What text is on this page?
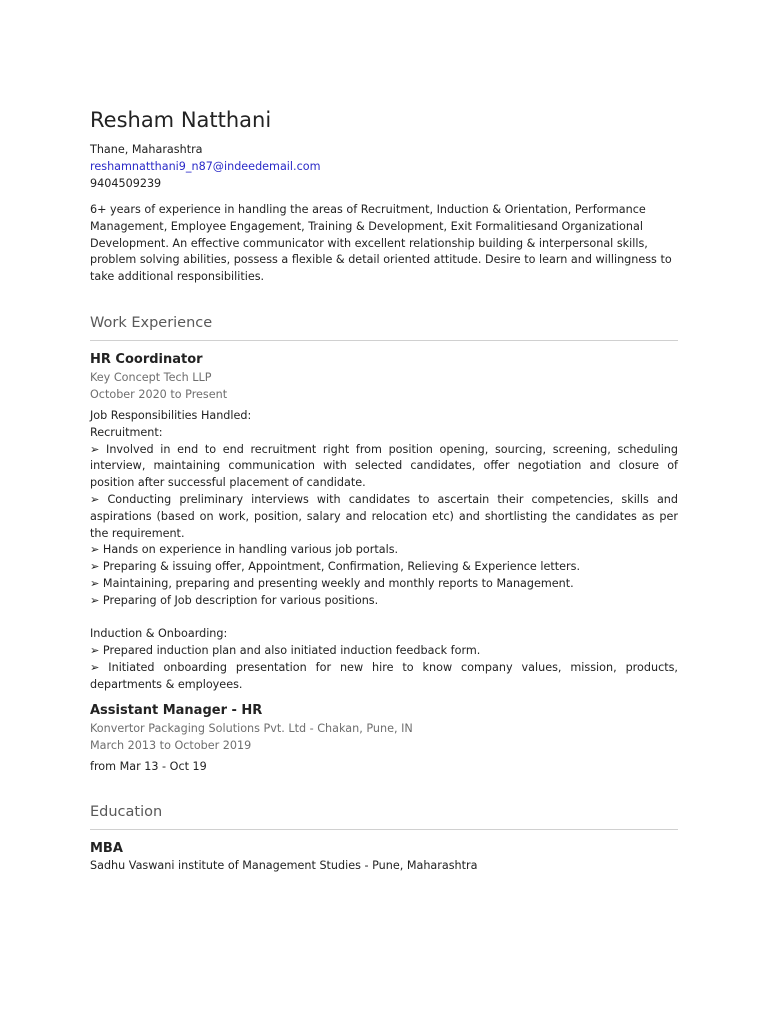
Resham Natthani
Thane, Maharashtra
reshamnatthani9_n87@indeedemail.com
9404509239
6+ years of experience in handling the areas of Recruitment, Induction & Orientation, Performance Management, Employee Engagement, Training & Development, Exit Formalitiesand Organizational Development. An effective communicator with excellent relationship building & interpersonal skills, problem solving abilities, possess a flexible & detail oriented attitude. Desire to learn and willingness to take additional responsibilities.
Work Experience
HR Coordinator
Key Concept Tech LLP
October 2020 to Present
Job Responsibilities Handled:
Recruitment:
➢ Involved in end to end recruitment right from position opening, sourcing, screening, scheduling interview, maintaining communication with selected candidates, offer negotiation and closure of position after successful placement of candidate.
➢ Conducting preliminary interviews with candidates to ascertain their competencies, skills and aspirations (based on work, position, salary and relocation etc) and shortlisting the candidates as per the requirement.
➢ Hands on experience in handling various job portals.
➢ Preparing & issuing offer, Appointment, Confirmation, Relieving & Experience letters.
➢ Maintaining, preparing and presenting weekly and monthly reports to Management.
➢ Preparing of Job description for various positions.
Induction & Onboarding:
➢ Prepared induction plan and also initiated induction feedback form.
➢ Initiated onboarding presentation for new hire to know company values, mission, products, departments & employees.
Assistant Manager - HR
Konvertor Packaging Solutions Pvt. Ltd - Chakan, Pune, IN
March 2013 to October 2019
from Mar 13 - Oct 19
Education
MBA
Sadhu Vaswani institute of Management Studies - Pune, Maharashtra
